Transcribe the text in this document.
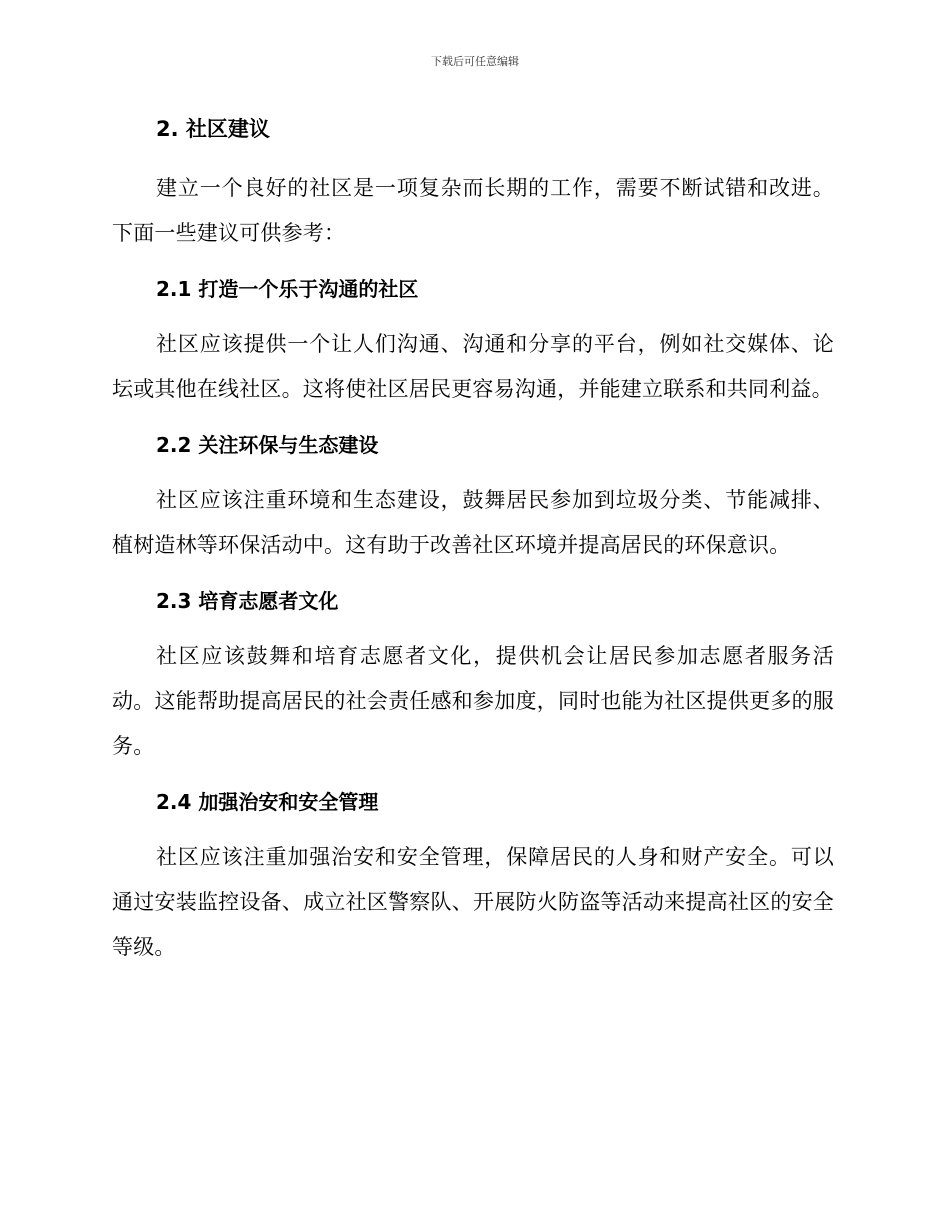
下载后可任意编辑
2. 社区建议

建立一个良好的社区是一项复杂而长期的工作，需要不断试错和改进。下面一些建议可供参考：

2.1 打造一个乐于沟通的社区

社区应该提供一个让人们沟通、沟通和分享的平台，例如社交媒体、论坛或其他在线社区。这将使社区居民更容易沟通，并能建立联系和共同利益。

2.2 关注环保与生态建设

社区应该注重环境和生态建设，鼓舞居民参加到垃圾分类、节能减排、植树造林等环保活动中。这有助于改善社区环境并提高居民的环保意识。

2.3 培育志愿者文化

社区应该鼓舞和培育志愿者文化，提供机会让居民参加志愿者服务活动。这能帮助提高居民的社会责任感和参加度，同时也能为社区提供更多的服务。

2.4 加强治安和安全管理

社区应该注重加强治安和安全管理，保障居民的人身和财产安全。可以通过安装监控设备、成立社区警察队、开展防火防盗等活动来提高社区的安全等级。
